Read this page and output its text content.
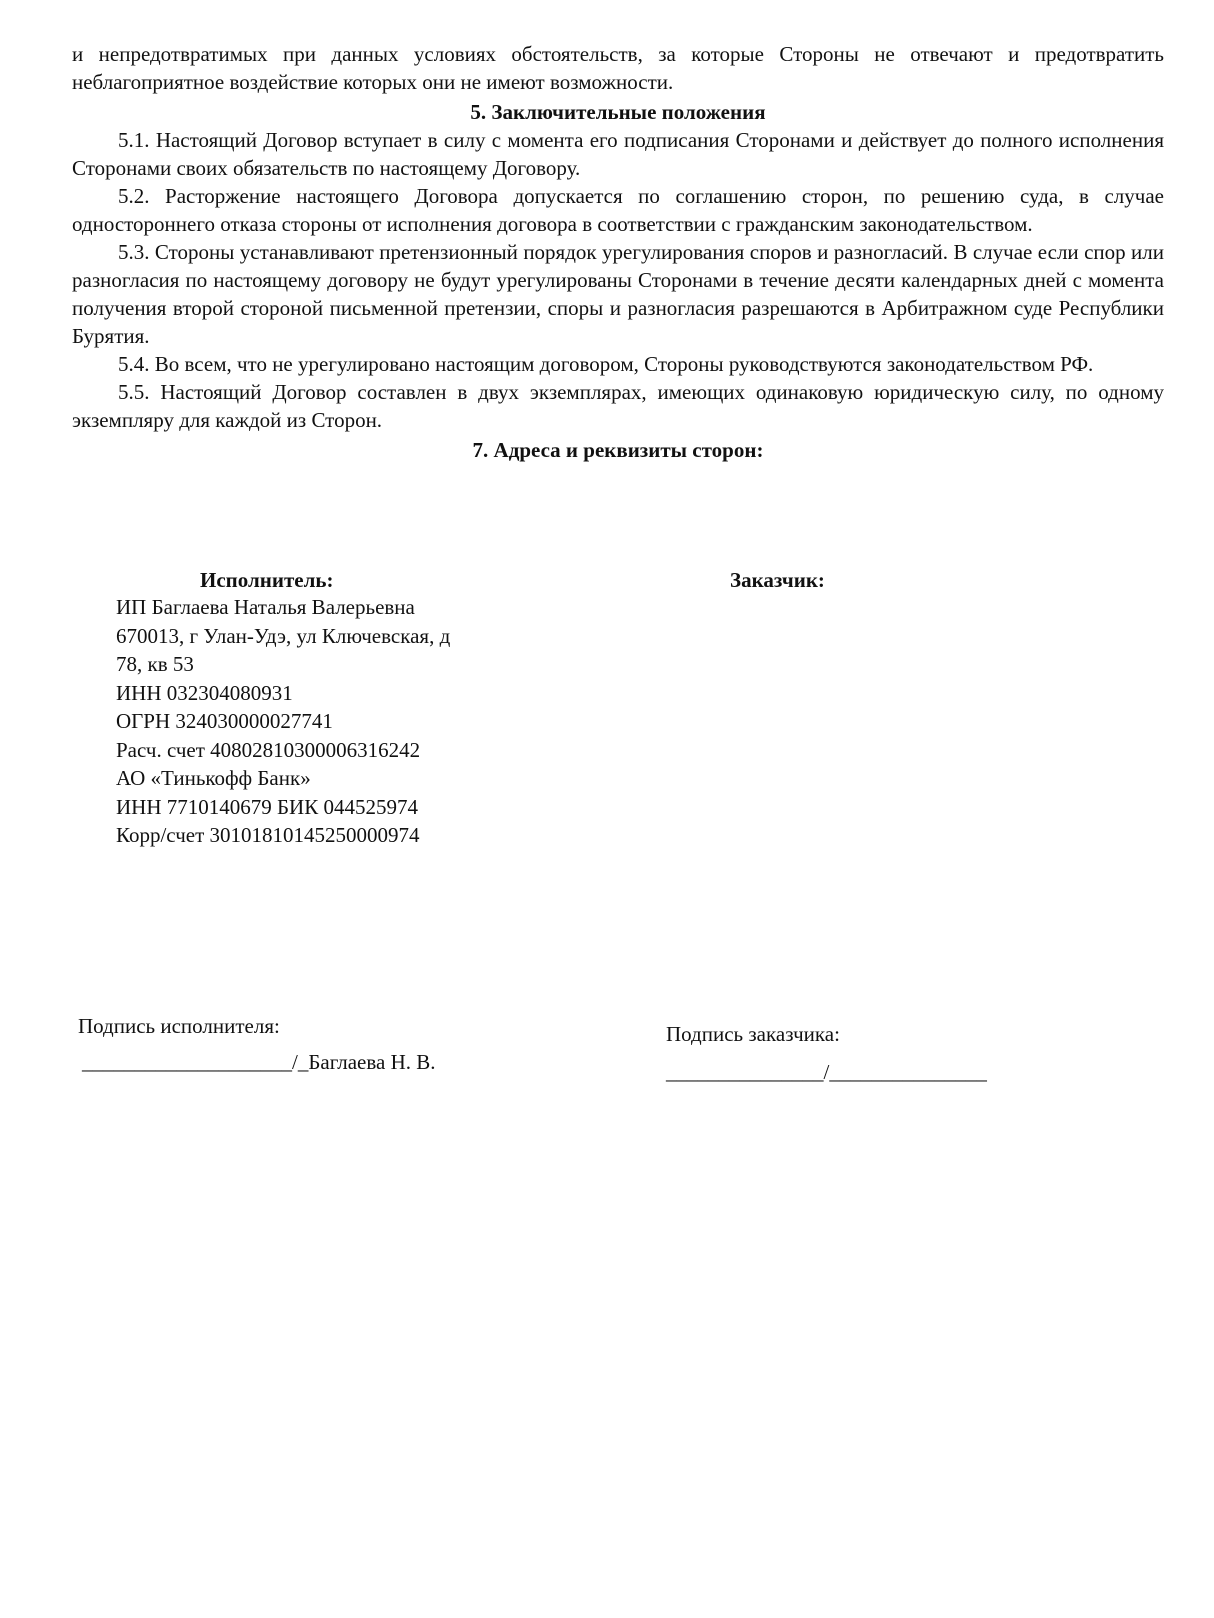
и непредотвратимых при данных условиях обстоятельств, за которые Стороны не отвечают и предотвратить неблагоприятное воздействие которых они не имеют возможности.

5. Заключительные положения

5.1. Настоящий Договор вступает в силу с момента его подписания Сторонами и действует до полного исполнения Сторонами своих обязательств по настоящему Договору.

5.2. Расторжение настоящего Договора допускается по соглашению сторон, по решению суда, в случае одностороннего отказа стороны от исполнения договора в соответствии с гражданским законодательством.

5.3. Стороны устанавливают претензионный порядок урегулирования споров и разногласий. В случае если спор или разногласия по настоящему договору не будут урегулированы Сторонами в течение десяти календарных дней с момента получения второй стороной письменной претензии, споры и разногласия разрешаются в Арбитражном суде Республики Бурятия.

5.4. Во всем, что не урегулировано настоящим договором, Стороны руководствуются законодательством РФ.

5.5. Настоящий Договор составлен в двух экземплярах, имеющих одинаковую юридическую силу, по одному экземпляру для каждой из Сторон.

7. Адреса и реквизиты сторон:

Исполнитель:	Заказчик:
ИП Баглаева Наталья Валерьевна
670013, г Улан-Удэ, ул Ключевская, д
78, кв 53
ИНН 032304080931
ОГРН 324030000027741
Расч. счет 40802810300006316242
АО «Тинькофф Банк»
ИНН 7710140679 БИК 044525974
Корр/счет 30101810145250000974
Подпись исполнителя:
____________________/_Баглаева Н. В.
Подпись заказчика:
_______________/_______________
